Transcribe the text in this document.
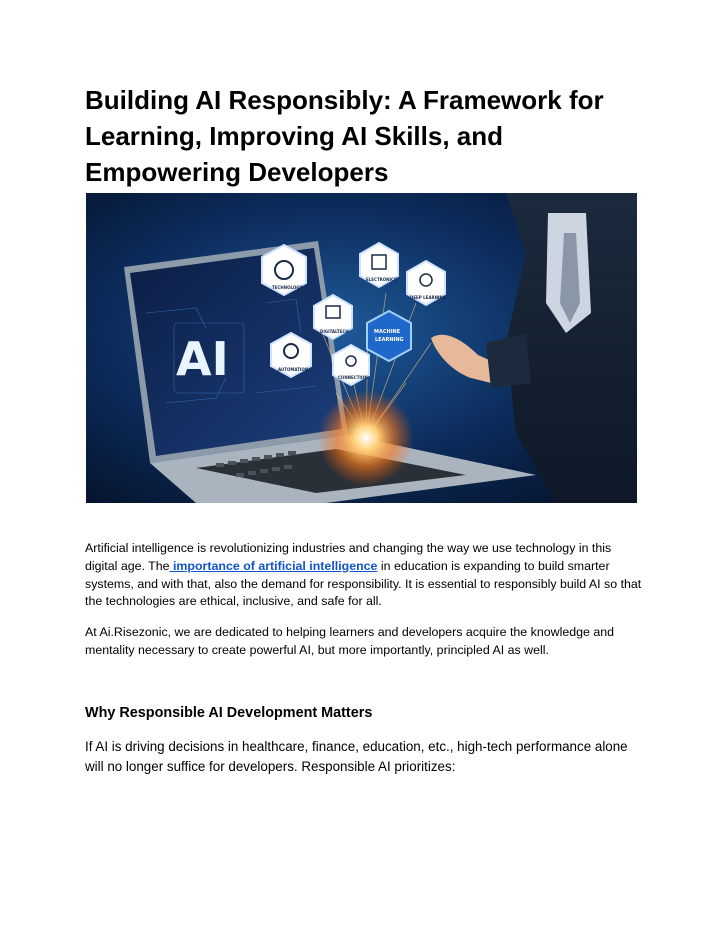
Building AI Responsibly: A Framework for Learning, Improving AI Skills, and Empowering Developers
AI
TECHNOLOGY
ELECTRONICS
DEEP LEARNING
DIGITALTECH	MACHINE
LEARNING
AUTOMATION
CONNECTION

Artificial intelligence is revolutionizing industries and changing the way we use technology in this digital age. The importance of artificial intelligence in education is expanding to build smarter systems, and with that, also the demand for responsibility. It is essential to responsibly build AI so that the technologies are ethical, inclusive, and safe for all.

At Ai.Risezonic, we are dedicated to helping learners and developers acquire the knowledge and mentality necessary to create powerful AI, but more importantly, principled AI as well.

Why Responsible AI Development Matters

If AI is driving decisions in healthcare, finance, education, etc., high-tech performance alone will no longer suffice for developers. Responsible AI prioritizes:
